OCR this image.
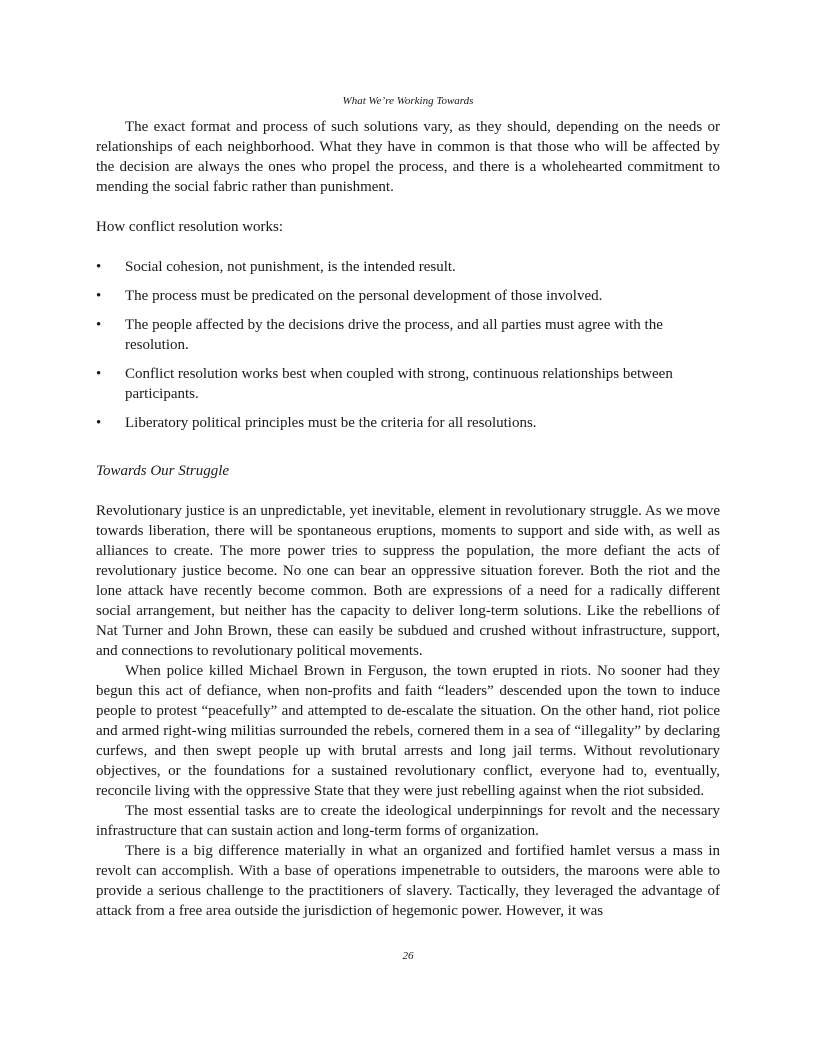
What We’re Working Towards

The exact format and process of such solutions vary, as they should, depending on the needs or relationships of each neighborhood. What they have in common is that those who will be affected by the decision are always the ones who propel the process, and there is a wholehearted commitment to mending the social fabric rather than punishment.

How conflict resolution works:

• Social cohesion, not punishment, is the intended result.
• The process must be predicated on the personal development of those involved.
• The people affected by the decisions drive the process, and all parties must agree with the resolution.
• Conflict resolution works best when coupled with strong, continuous relationships between participants.
• Liberatory political principles must be the criteria for all resolutions.
Towards Our Struggle

Revolutionary justice is an unpredictable, yet inevitable, element in revolutionary struggle. As we move towards liberation, there will be spontaneous eruptions, moments to support and side with, as well as alliances to create. The more power tries to suppress the population, the more defiant the acts of revolutionary justice become. No one can bear an oppressive situation forever. Both the riot and the lone attack have recently become common. Both are expressions of a need for a radically different social arrangement, but neither has the capacity to deliver long-term solutions. Like the rebellions of Nat Turner and John Brown, these can easily be subdued and crushed without infrastructure, support, and connections to revolutionary political movements.

When police killed Michael Brown in Ferguson, the town erupted in riots. No sooner had they begun this act of defiance, when non-profits and faith “leaders” descended upon the town to induce people to protest “peacefully” and attempted to de-escalate the situation. On the other hand, riot police and armed right-wing militias surrounded the rebels, cornered them in a sea of “illegality” by declaring curfews, and then swept people up with brutal arrests and long jail terms. Without revolutionary objectives, or the foundations for a sustained revolutionary conflict, everyone had to, eventually, reconcile living with the oppressive State that they were just rebelling against when the riot subsided.

The most essential tasks are to create the ideological underpinnings for revolt and the necessary infrastructure that can sustain action and long-term forms of organization.

There is a big difference materially in what an organized and fortified hamlet versus a mass in revolt can accomplish. With a base of operations impenetrable to outsiders, the maroons were able to provide a serious challenge to the practitioners of slavery. Tactically, they leveraged the advantage of attack from a free area outside the jurisdiction of hegemonic power. However, it was

26
